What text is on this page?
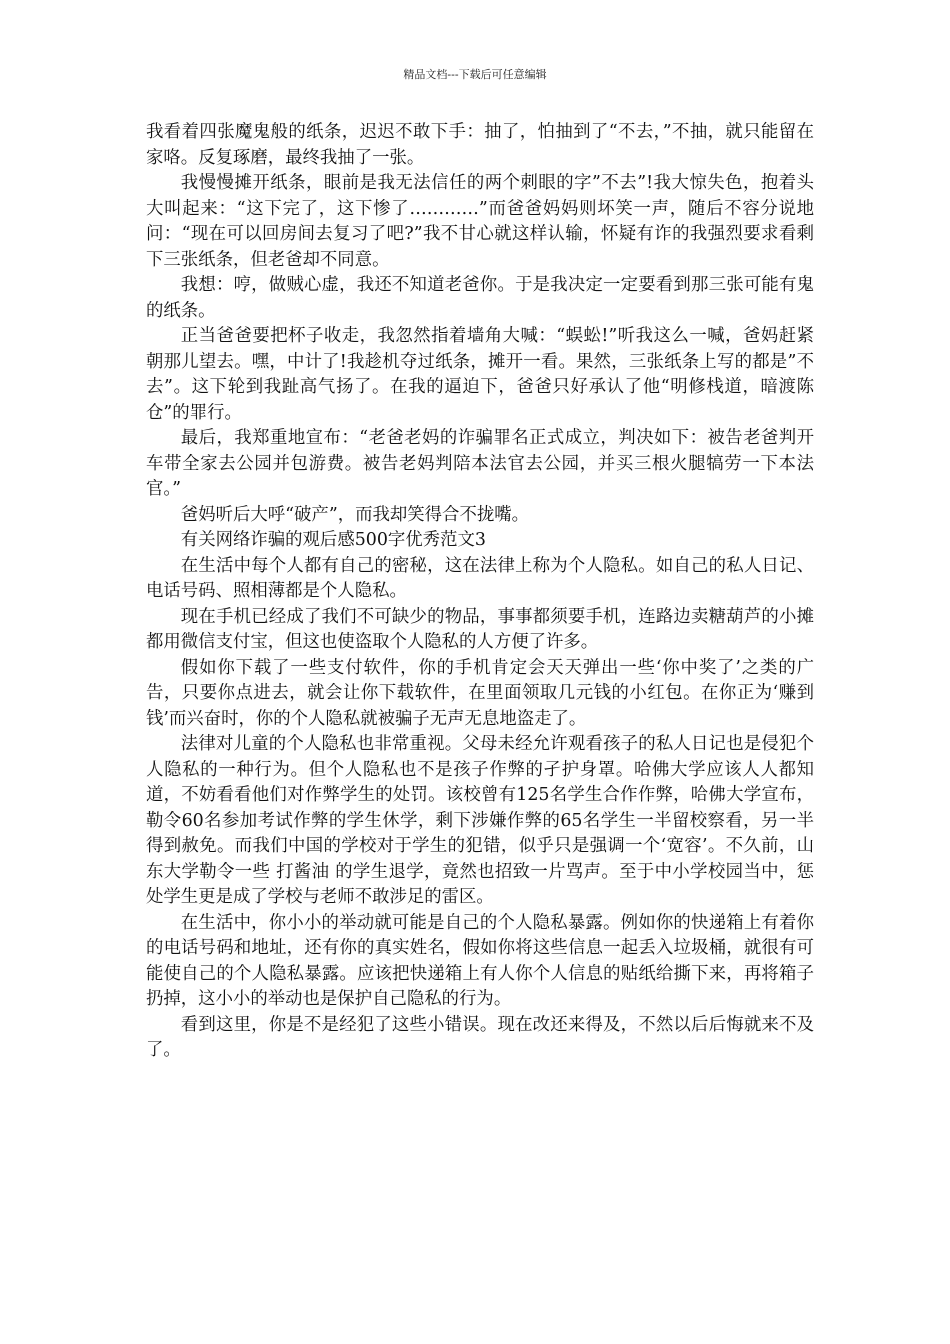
精品文档---下载后可任意编辑

我看着四张魔鬼般的纸条，迟迟不敢下手：抽了，怕抽到了“不去，”不抽，就只能留在家咯。反复琢磨，最终我抽了一张。

我慢慢摊开纸条，眼前是我无法信任的两个刺眼的字”不去”!我大惊失色，抱着头大叫起来：“这下完了，这下惨了…………”而爸爸妈妈则坏笑一声，随后不容分说地问：“现在可以回房间去复习了吧?”我不甘心就这样认输，怀疑有诈的我强烈要求看剩下三张纸条，但老爸却不同意。

我想：哼，做贼心虚，我还不知道老爸你。于是我决定一定要看到那三张可能有鬼的纸条。

正当爸爸要把杯子收走，我忽然指着墙角大喊：“蜈蚣!”听我这么一喊，爸妈赶紧朝那儿望去。嘿，中计了!我趁机夺过纸条，摊开一看。果然，三张纸条上写的都是”不去”。这下轮到我趾高气扬了。在我的逼迫下，爸爸只好承认了他“明修栈道，暗渡陈仓”的罪行。

最后，我郑重地宣布：“老爸老妈的诈骗罪名正式成立，判决如下：被告老爸判开车带全家去公园并包游费。被告老妈判陪本法官去公园，并买三根火腿犒劳一下本法官。”

爸妈听后大呼“破产”，而我却笑得合不拢嘴。

有关网络诈骗的观后感500字优秀范文3

在生活中每个人都有自己的密秘，这在法律上称为个人隐私。如自己的私人日记、电话号码、照相薄都是个人隐私。

现在手机已经成了我们不可缺少的物品，事事都须要手机，连路边卖糖葫芦的小摊都用微信支付宝，但这也使盗取个人隐私的人方便了许多。

假如你下载了一些支付软件，你的手机肯定会天天弹出一些‘你中奖了’之类的广告，只要你点进去，就会让你下载软件，在里面领取几元钱的小红包。在你正为‘赚到钱’而兴奋时，你的个人隐私就被骗子无声无息地盗走了。

法律对儿童的个人隐私也非常重视。父母未经允许观看孩子的私人日记也是侵犯个人隐私的一种行为。但个人隐私也不是孩子作弊的孑护身罩。哈佛大学应该人人都知道，不妨看看他们对作弊学生的处罚。该校曾有125名学生合作作弊，哈佛大学宣布，勒令60名参加考试作弊的学生休学，剩下涉嫌作弊的65名学生一半留校察看，另一半得到赦免。而我们中国的学校对于学生的犯错，似乎只是强调一个‘宽容’。不久前，山东大学勒令一些 打酱油 的学生退学，竟然也招致一片骂声。至于中小学校园当中，惩处学生更是成了学校与老师不敢涉足的雷区。

在生活中，你小小的举动就可能是自己的个人隐私暴露。例如你的快递箱上有着你的电话号码和地址，还有你的真实姓名，假如你将这些信息一起丢入垃圾桶，就很有可能使自己的个人隐私暴露。应该把快递箱上有人你个人信息的贴纸给撕下来，再将箱子扔掉，这小小的举动也是保护自己隐私的行为。

看到这里，你是不是经犯了这些小错误。现在改还来得及，不然以后后悔就来不及了。
